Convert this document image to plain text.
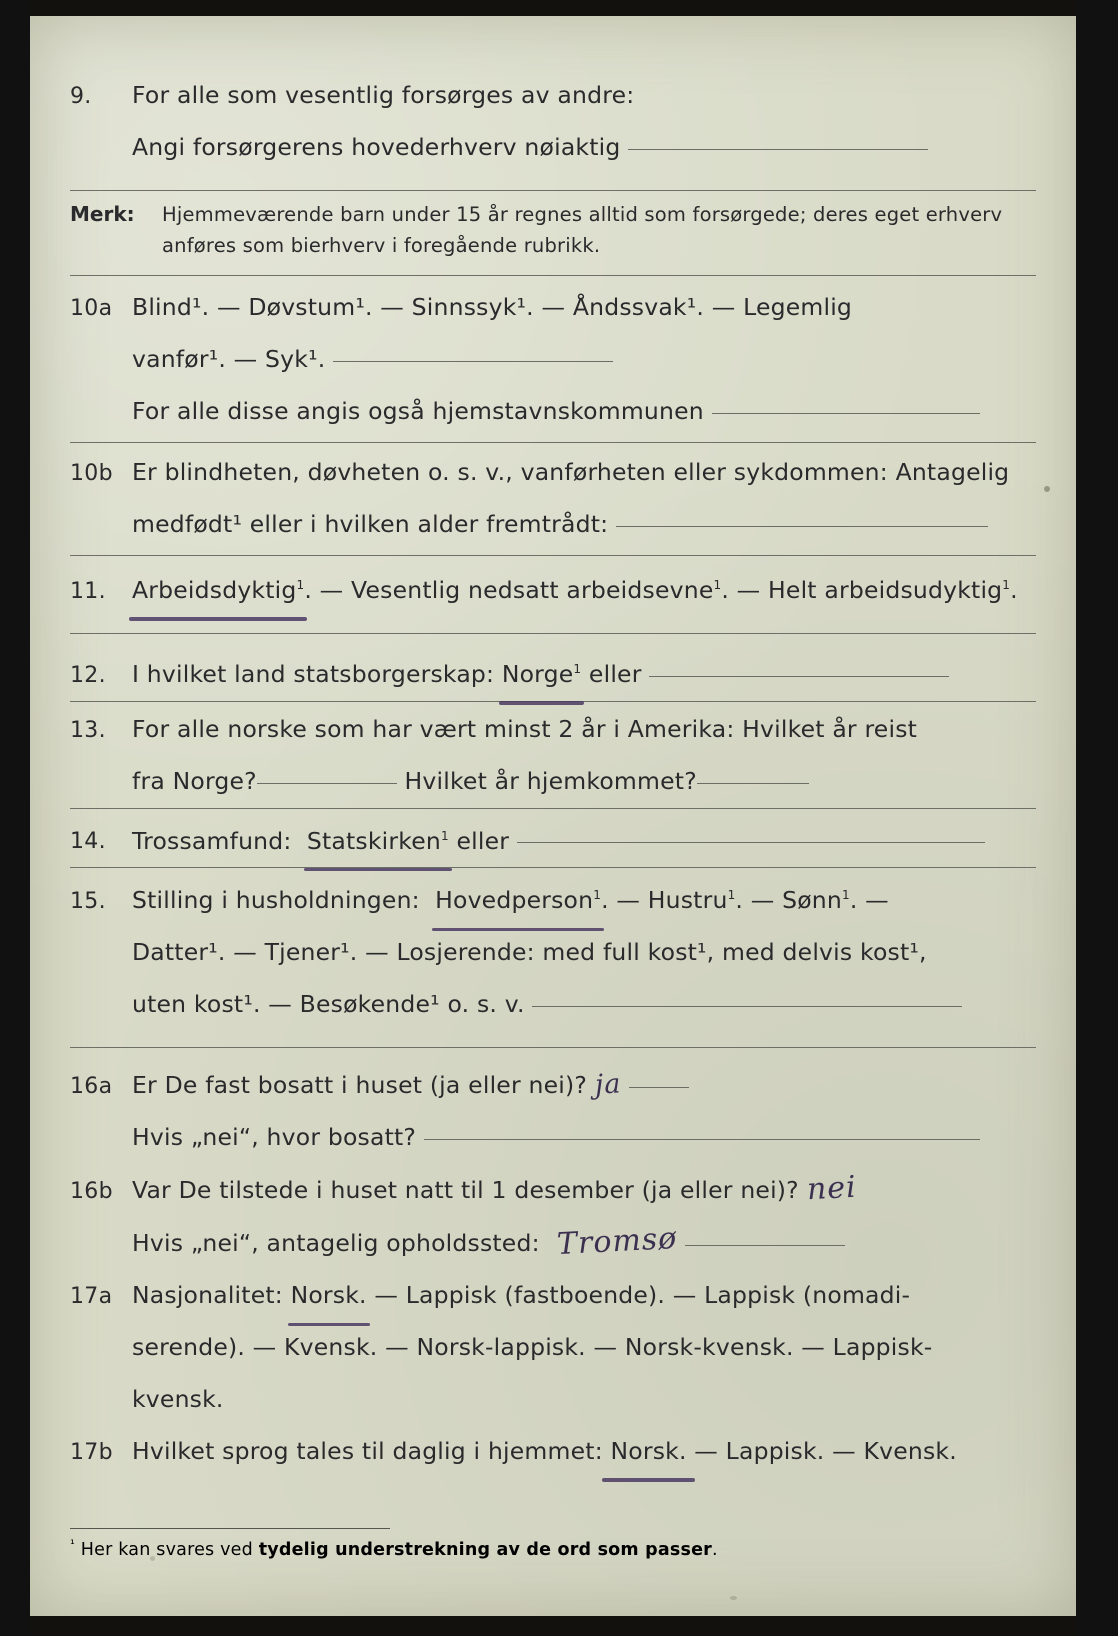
9.	For alle som vesentlig forsørges av andre:
Angi forsørgerens hovederhverv nøiaktig
Merk:	Hjemmeværende barn under 15 år regnes alltid som forsørgede; deres eget erhverv
anføres som bierhverv i foregående rubrikk.
10a Blind¹. — Døvstum¹. — Sinnssyk¹. — Åndssvak¹. — Legemlig
vanfør¹. — Syk¹.
For alle disse angis også hjemstavnskommunen
10b Er blindheten, døvheten o. s. v., vanførheten eller sykdommen: Antagelig
medfødt¹ eller i hvilken alder fremtrådt:
11.	Arbeidsdyktig$^1$. — Vesentlig nedsatt arbeidsevne$^1$. — Helt arbeidsudyktig$^1$.
12.	I hvilket land statsborgerskap: Norge$^1$ eller
13.	For alle norske som har vært minst 2 år i Amerika: Hvilket år reist
fra Norge?	Hvilket år hjemkommet?
14.	Trossamfund:  Statskirken$^1$ eller
15.	Stilling i husholdningen:  Hovedperson$^1$. — Hustru$^1$. — Sønn$^1$. —
Datter¹. — Tjener¹. — Losjerende: med full kost¹, med delvis kost¹,
uten kost¹. — Besøkende¹ o. s. v.
16a Er De fast bosatt i huset (ja eller nei)? ja
Hvis „nei“, hvor bosatt?
16b Var De tilstede i huset natt til 1 desember (ja eller nei)? nei
Hvis „nei“, antagelig opholdssted: Tromsø
17a Nasjonalitet: Norsk. — Lappisk (fastboende). — Lappisk (nomadi-
serende). — Kvensk. — Norsk-lappisk. — Norsk-kvensk. — Lappisk-
kvensk.
17b Hvilket sprog tales til daglig i hjemmet: Norsk. — Lappisk. — Kvensk.
$^{^1}$ Her kan svares ved tydelig understrekning av de ord som passer.
